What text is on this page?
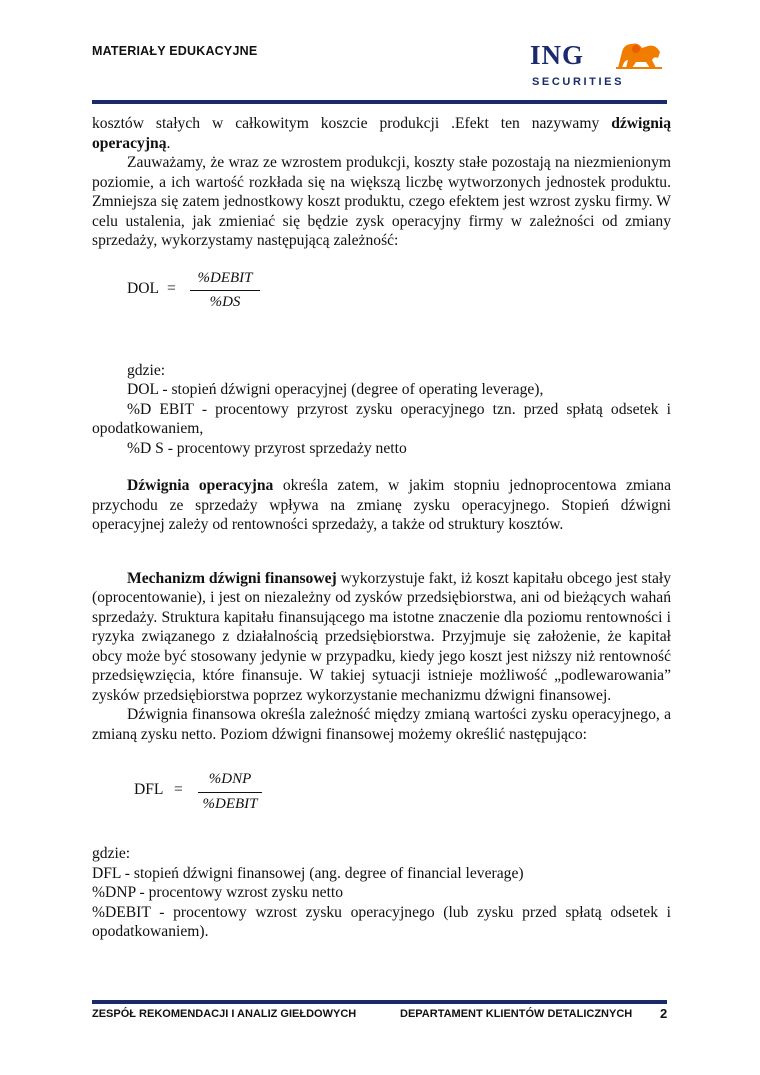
MATERIAŁY EDUKACYJNE	ING
SECURITIES

kosztów stałych w całkowitym koszcie produkcji .Efekt ten nazywamy dźwignią operacyjną.

Zauważamy, że wraz ze wzrostem produkcji, koszty stałe pozostają na niezmienionym poziomie, a ich wartość rozkłada się na większą liczbę wytworzonych jednostek produktu. Zmniejsza się zatem jednostkowy koszt produktu, czego efektem jest wzrost zysku firmy. W celu ustalenia, jak zmieniać się będzie zysk operacyjny firmy w zależności od zmiany sprzedaży, wykorzystamy następującą zależność:

DOL =
%DEBIT
%DS

gdzie:

DOL - stopień dźwigni operacyjnej (degree of operating leverage),

%D EBIT - procentowy przyrost zysku operacyjnego tzn. przed spłatą odsetek i opodatkowaniem,

%D S - procentowy przyrost sprzedaży netto

Dźwignia operacyjna określa zatem, w jakim stopniu jednoprocentowa zmiana przychodu ze sprzedaży wpływa na zmianę zysku operacyjnego. Stopień dźwigni operacyjnej zależy od rentowności sprzedaży, a także od struktury kosztów.

Mechanizm dźwigni finansowej wykorzystuje fakt, iż koszt kapitału obcego jest stały (oprocentowanie), i jest on niezależny od zysków przedsiębiorstwa, ani od bieżących wahań sprzedaży. Struktura kapitału finansującego ma istotne znaczenie dla poziomu rentowności i ryzyka związanego z działalnością przedsiębiorstwa. Przyjmuje się założenie, że kapitał obcy może być stosowany jedynie w przypadku, kiedy jego koszt jest niższy niż rentowność przedsięwzięcia, które finansuje. W takiej sytuacji istnieje możliwość „podlewarowania” zysków przedsiębiorstwa poprzez wykorzystanie mechanizmu dźwigni finansowej.

Dźwignia finansowa określa zależność między zmianą wartości zysku operacyjnego, a zmianą zysku netto. Poziom dźwigni finansowej możemy określić następująco:

DFL =
%DNP
%DEBIT

gdzie:

DFL - stopień dźwigni finansowej (ang. degree of financial leverage)

%DNP - procentowy wzrost zysku netto

%DEBIT - procentowy wzrost zysku operacyjnego (lub zysku przed spłatą odsetek i opodatkowaniem).

ZESPÓŁ REKOMENDACJI I ANALIZ GIEŁDOWYCH	DEPARTAMENT KLIENTÓW DETALICZNYCH 2
